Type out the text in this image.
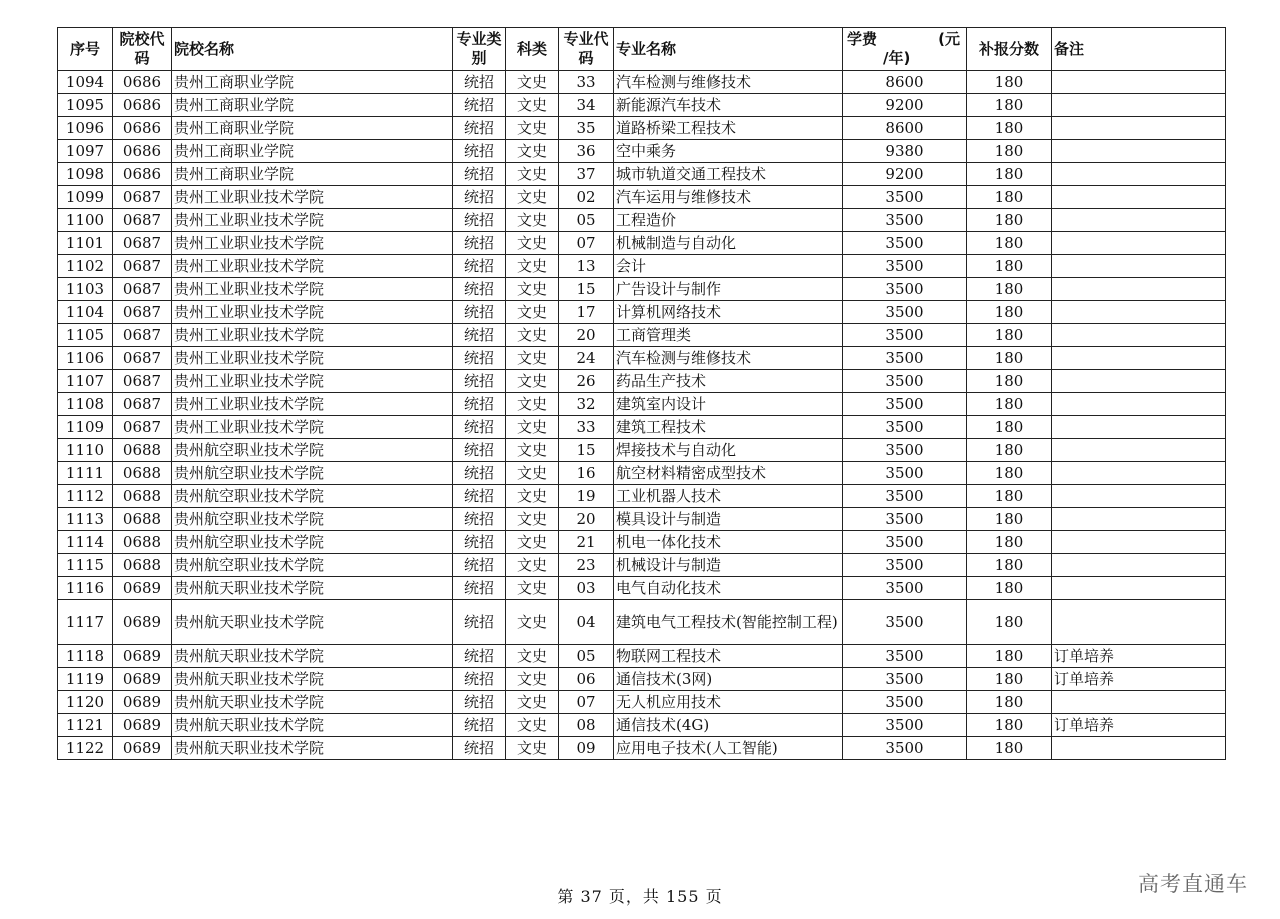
序号	院校代码	院校名称	专业类别	科类	专业代码	专业名称	学费 (元
/年)	补报分数	备注
1094	0686	贵州工商职业学院	统招	文史	33	汽车检测与维修技术	8600	180	
1095	0686	贵州工商职业学院	统招	文史	34	新能源汽车技术	9200	180	
1096	0686	贵州工商职业学院	统招	文史	35	道路桥梁工程技术	8600	180	
1097	0686	贵州工商职业学院	统招	文史	36	空中乘务	9380	180	
1098	0686	贵州工商职业学院	统招	文史	37	城市轨道交通工程技术	9200	180	
1099	0687	贵州工业职业技术学院	统招	文史	02	汽车运用与维修技术	3500	180	
1100	0687	贵州工业职业技术学院	统招	文史	05	工程造价	3500	180	
1101	0687	贵州工业职业技术学院	统招	文史	07	机械制造与自动化	3500	180	
1102	0687	贵州工业职业技术学院	统招	文史	13	会计	3500	180	
1103	0687	贵州工业职业技术学院	统招	文史	15	广告设计与制作	3500	180	
1104	0687	贵州工业职业技术学院	统招	文史	17	计算机网络技术	3500	180	
1105	0687	贵州工业职业技术学院	统招	文史	20	工商管理类	3500	180	
1106	0687	贵州工业职业技术学院	统招	文史	24	汽车检测与维修技术	3500	180	
1107	0687	贵州工业职业技术学院	统招	文史	26	药品生产技术	3500	180	
1108	0687	贵州工业职业技术学院	统招	文史	32	建筑室内设计	3500	180	
1109	0687	贵州工业职业技术学院	统招	文史	33	建筑工程技术	3500	180	
1110	0688	贵州航空职业技术学院	统招	文史	15	焊接技术与自动化	3500	180	
1111	0688	贵州航空职业技术学院	统招	文史	16	航空材料精密成型技术	3500	180	
1112	0688	贵州航空职业技术学院	统招	文史	19	工业机器人技术	3500	180	
1113	0688	贵州航空职业技术学院	统招	文史	20	模具设计与制造	3500	180	
1114	0688	贵州航空职业技术学院	统招	文史	21	机电一体化技术	3500	180	
1115	0688	贵州航空职业技术学院	统招	文史	23	机械设计与制造	3500	180	
1116	0689	贵州航天职业技术学院	统招	文史	03	电气自动化技术	3500	180	
1117	0689	贵州航天职业技术学院	统招	文史	04	建筑电气工程技术(智能控制工程)	3500	180	
1118	0689	贵州航天职业技术学院	统招	文史	05	物联网工程技术	3500	180	订单培养
1119	0689	贵州航天职业技术学院	统招	文史	06	通信技术(3网)	3500	180	订单培养
1120	0689	贵州航天职业技术学院	统招	文史	07	无人机应用技术	3500	180	
1121	0689	贵州航天职业技术学院	统招	文史	08	通信技术(4G)	3500	180	订单培养
1122	0689	贵州航天职业技术学院	统招	文史	09	应用电子技术(人工智能)	3500	180	
第 37 页，共 155 页
高考直通车
